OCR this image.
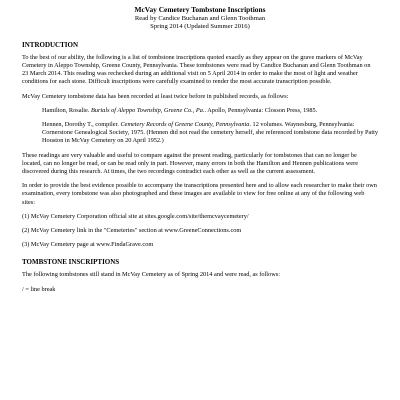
McVay Cemetery Tombstone Inscriptions
Read by Candice Buchanan and Glenn Toothman
Spring 2014 (Updated Summer 2016)
INTRODUCTION

To the best of our ability, the following is a list of tombstone inscriptions quoted exactly as they appear on the grave markers of McVay Cemetery in Aleppo Township, Greene County, Pennsylvania. These tombstones were read by Candice Buchanan and Glenn Toothman on 23 March 2014. This reading was rechecked during an additional visit on 5 April 2014 in order to make the most of light and weather conditions for each stone. Difficult inscriptions were carefully examined to render the most accurate transcription possible.

McVay Cemetery tombstone data has been recorded at least twice before in published records, as follows:

Hamilton, Rosalie. Burials of Aleppo Township, Greene Co., Pa.. Apollo, Pennsylvania: Closson Press, 1985.

Hennen, Dorothy T., compiler. Cemetery Records of Greene County, Pennsylvania. 12 volumes. Waynesburg, Pennsylvania: Cornerstone Genealogical Society, 1975. (Hennen did not read the cemetery herself, she referenced tombstone data recorded by Patty Houston in McVay Cemetery on 20 April 1952.)

These readings are very valuable and useful to compare against the present reading, particularly for tombstones that can no longer be located, can no longer be read, or can be read only in part. However, many errors in both the Hamilton and Hennen publications were discovered during this research. At times, the two recordings contradict each other as well as the current assessment.

In order to provide the best evidence possible to accompany the transcriptions presented here and to allow each researcher to make their own examination, every tombstone was also photographed and these images are available to view for free online at any of the following web sites:

(1) McVay Cemetery Corporation official site at sites.google.com/site/themcvaycemetery/

(2) McVay Cemetery link in the "Cemeteries" section at www.GreeneConnections.com

(3) McVay Cemetery page at www.FindaGrave.com

TOMBSTONE INSCRIPTIONS

The following tombstones still stand in McVay Cemetery as of Spring 2014 and were read, as follows:

/ = line break
